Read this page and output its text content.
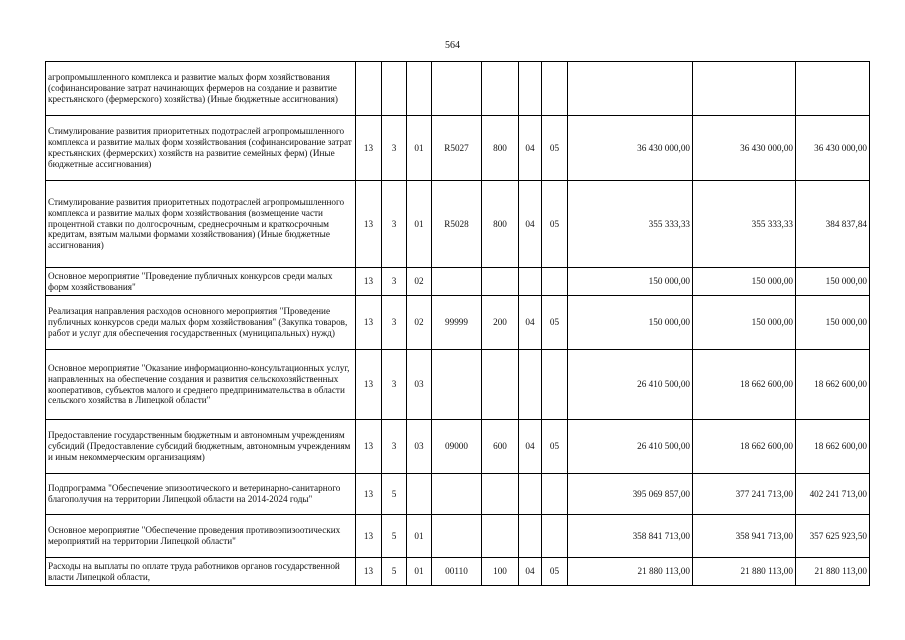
564
агропромышленного комплекса и развитие малых форм хозяйствования (софинансирование затрат начинающих фермеров на создание и развитие крестьянского (фермерского) хозяйства) (Иные бюджетные ассигнования)										
Стимулирование развития приоритетных подотраслей агропромышленного комплекса и развитие малых форм хозяйствования (софинансирование затрат крестьянских (фермерских) хозяйств на развитие семейных ферм) (Иные бюджетные ассигнования)	13	3	01	R5027	800	04	05	36 430 000,00	36 430 000,00	36 430 000,00
Стимулирование развития приоритетных подотраслей агропромышленного комплекса и развитие малых форм хозяйствования (возмещение части процентной ставки по долгосрочным, среднесрочным и краткосрочным кредитам, взятым малыми формами хозяйствования) (Иные бюджетные ассигнования)	13	3	01	R5028	800	04	05	355 333,33	355 333,33	384 837,84
Основное мероприятие "Проведение публичных конкурсов среди малых форм хозяйствования"	13	3	02					150 000,00	150 000,00	150 000,00
Реализация направления расходов основного мероприятия "Проведение публичных конкурсов среди малых форм хозяйствования" (Закупка товаров, работ и услуг для обеспечения государственных (муниципальных) нужд)	13	3	02	99999	200	04	05	150 000,00	150 000,00	150 000,00
Основное мероприятие "Оказание информационно-консультационных услуг, направленных на обеспечение создания и развития сельскохозяйственных кооперативов, субъектов малого и среднего предпринимательства в области сельского хозяйства в Липецкой области"	13	3	03					26 410 500,00	18 662 600,00	18 662 600,00
Предоставление государственным бюджетным и автономным учреждениям субсидий (Предоставление субсидий бюджетным, автономным учреждениям и иным некоммерческим организациям)	13	3	03	09000	600	04	05	26 410 500,00	18 662 600,00	18 662 600,00
Подпрограмма "Обеспечение эпизоотического и ветеринарно-санитарного благополучия на территории Липецкой области на 2014-2024 годы"	13	5						395 069 857,00	377 241 713,00	402 241 713,00
Основное мероприятие "Обеспечение проведения противоэпизоотических мероприятий на территории Липецкой области"	13	5	01					358 841 713,00	358 941 713,00	357 625 923,50
Расходы на выплаты по оплате труда работников органов государственной власти Липецкой области,	13	5	01	00110	100	04	05	21 880 113,00	21 880 113,00	21 880 113,00
